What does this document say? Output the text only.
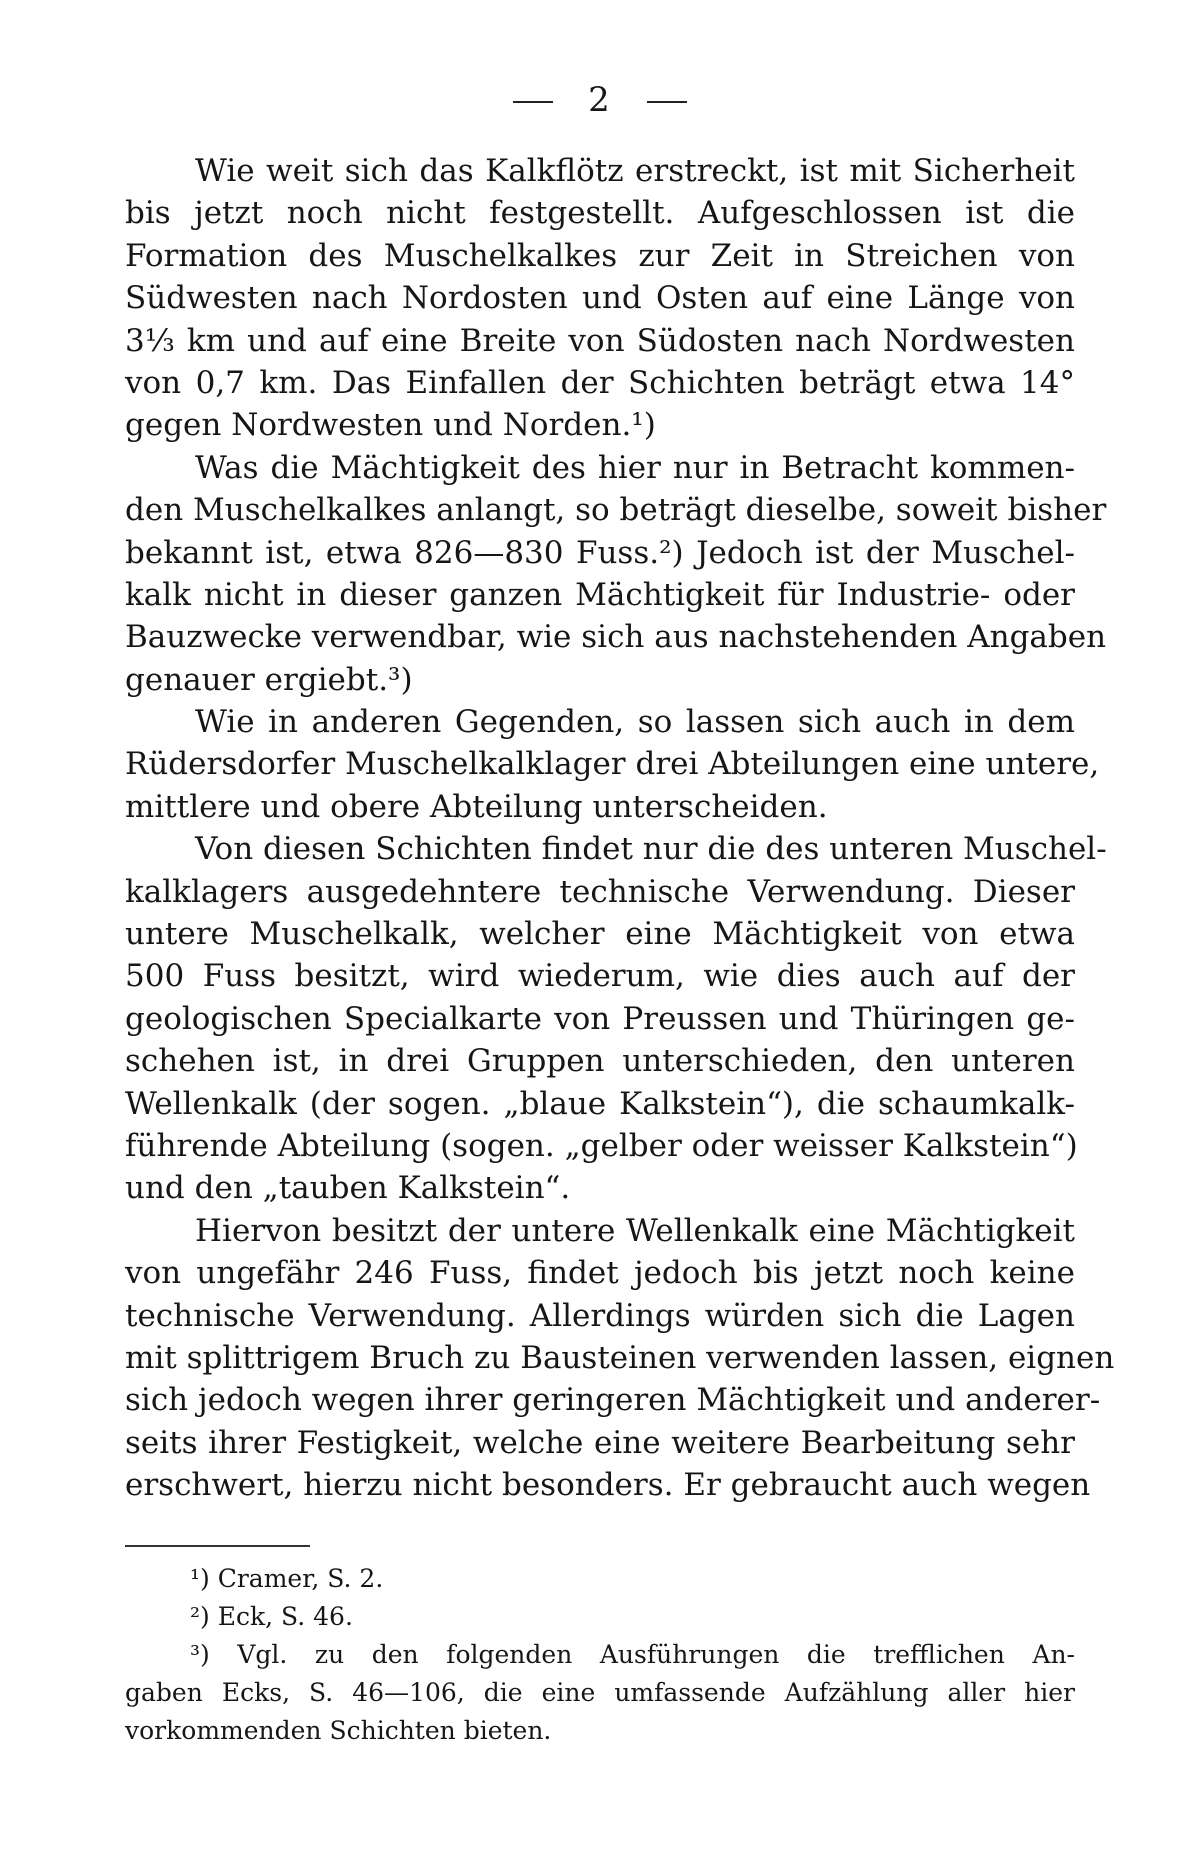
2
Wie weit sich das Kalkflötz erstreckt, ist mit Sicherheit
bis jetzt noch nicht festgestellt. Aufgeschlossen ist die
Formation des Muschelkalkes zur Zeit in Streichen von
Südwesten nach Nordosten und Osten auf eine Länge von
3⅓ km und auf eine Breite von Südosten nach Nordwesten
von 0,7 km. Das Einfallen der Schichten beträgt etwa 14°
gegen Nordwesten und Norden.¹)
Was die Mächtigkeit des hier nur in Betracht kommen-
den Muschelkalkes anlangt, so beträgt dieselbe, soweit bisher
bekannt ist, etwa 826—830 Fuss.²) Jedoch ist der Muschel-
kalk nicht in dieser ganzen Mächtigkeit für Industrie- oder
Bauzwecke verwendbar, wie sich aus nachstehenden Angaben
genauer ergiebt.³)
Wie in anderen Gegenden, so lassen sich auch in dem
Rüdersdorfer Muschelkalklager drei Abteilungen eine untere,
mittlere und obere Abteilung unterscheiden.
Von diesen Schichten findet nur die des unteren Muschel-
kalklagers ausgedehntere technische Verwendung. Dieser
untere Muschelkalk, welcher eine Mächtigkeit von etwa
500 Fuss besitzt, wird wiederum, wie dies auch auf der
geologischen Specialkarte von Preussen und Thüringen ge-
schehen ist, in drei Gruppen unterschieden, den unteren
Wellenkalk (der sogen. „blaue Kalkstein“), die schaumkalk-
führende Abteilung (sogen. „gelber oder weisser Kalkstein“)
und den „tauben Kalkstein“.
Hiervon besitzt der untere Wellenkalk eine Mächtigkeit
von ungefähr 246 Fuss, findet jedoch bis jetzt noch keine
technische Verwendung. Allerdings würden sich die Lagen
mit splittrigem Bruch zu Bausteinen verwenden lassen, eignen
sich jedoch wegen ihrer geringeren Mächtigkeit und anderer-
seits ihrer Festigkeit, welche eine weitere Bearbeitung sehr
erschwert, hierzu nicht besonders. Er gebraucht auch wegen
¹) Cramer, S. 2.
²) Eck, S. 46.
³) Vgl. zu den folgenden Ausführungen die trefflichen An-
gaben Ecks, S. 46—106, die eine umfassende Aufzählung aller hier
vorkommenden Schichten bieten.
